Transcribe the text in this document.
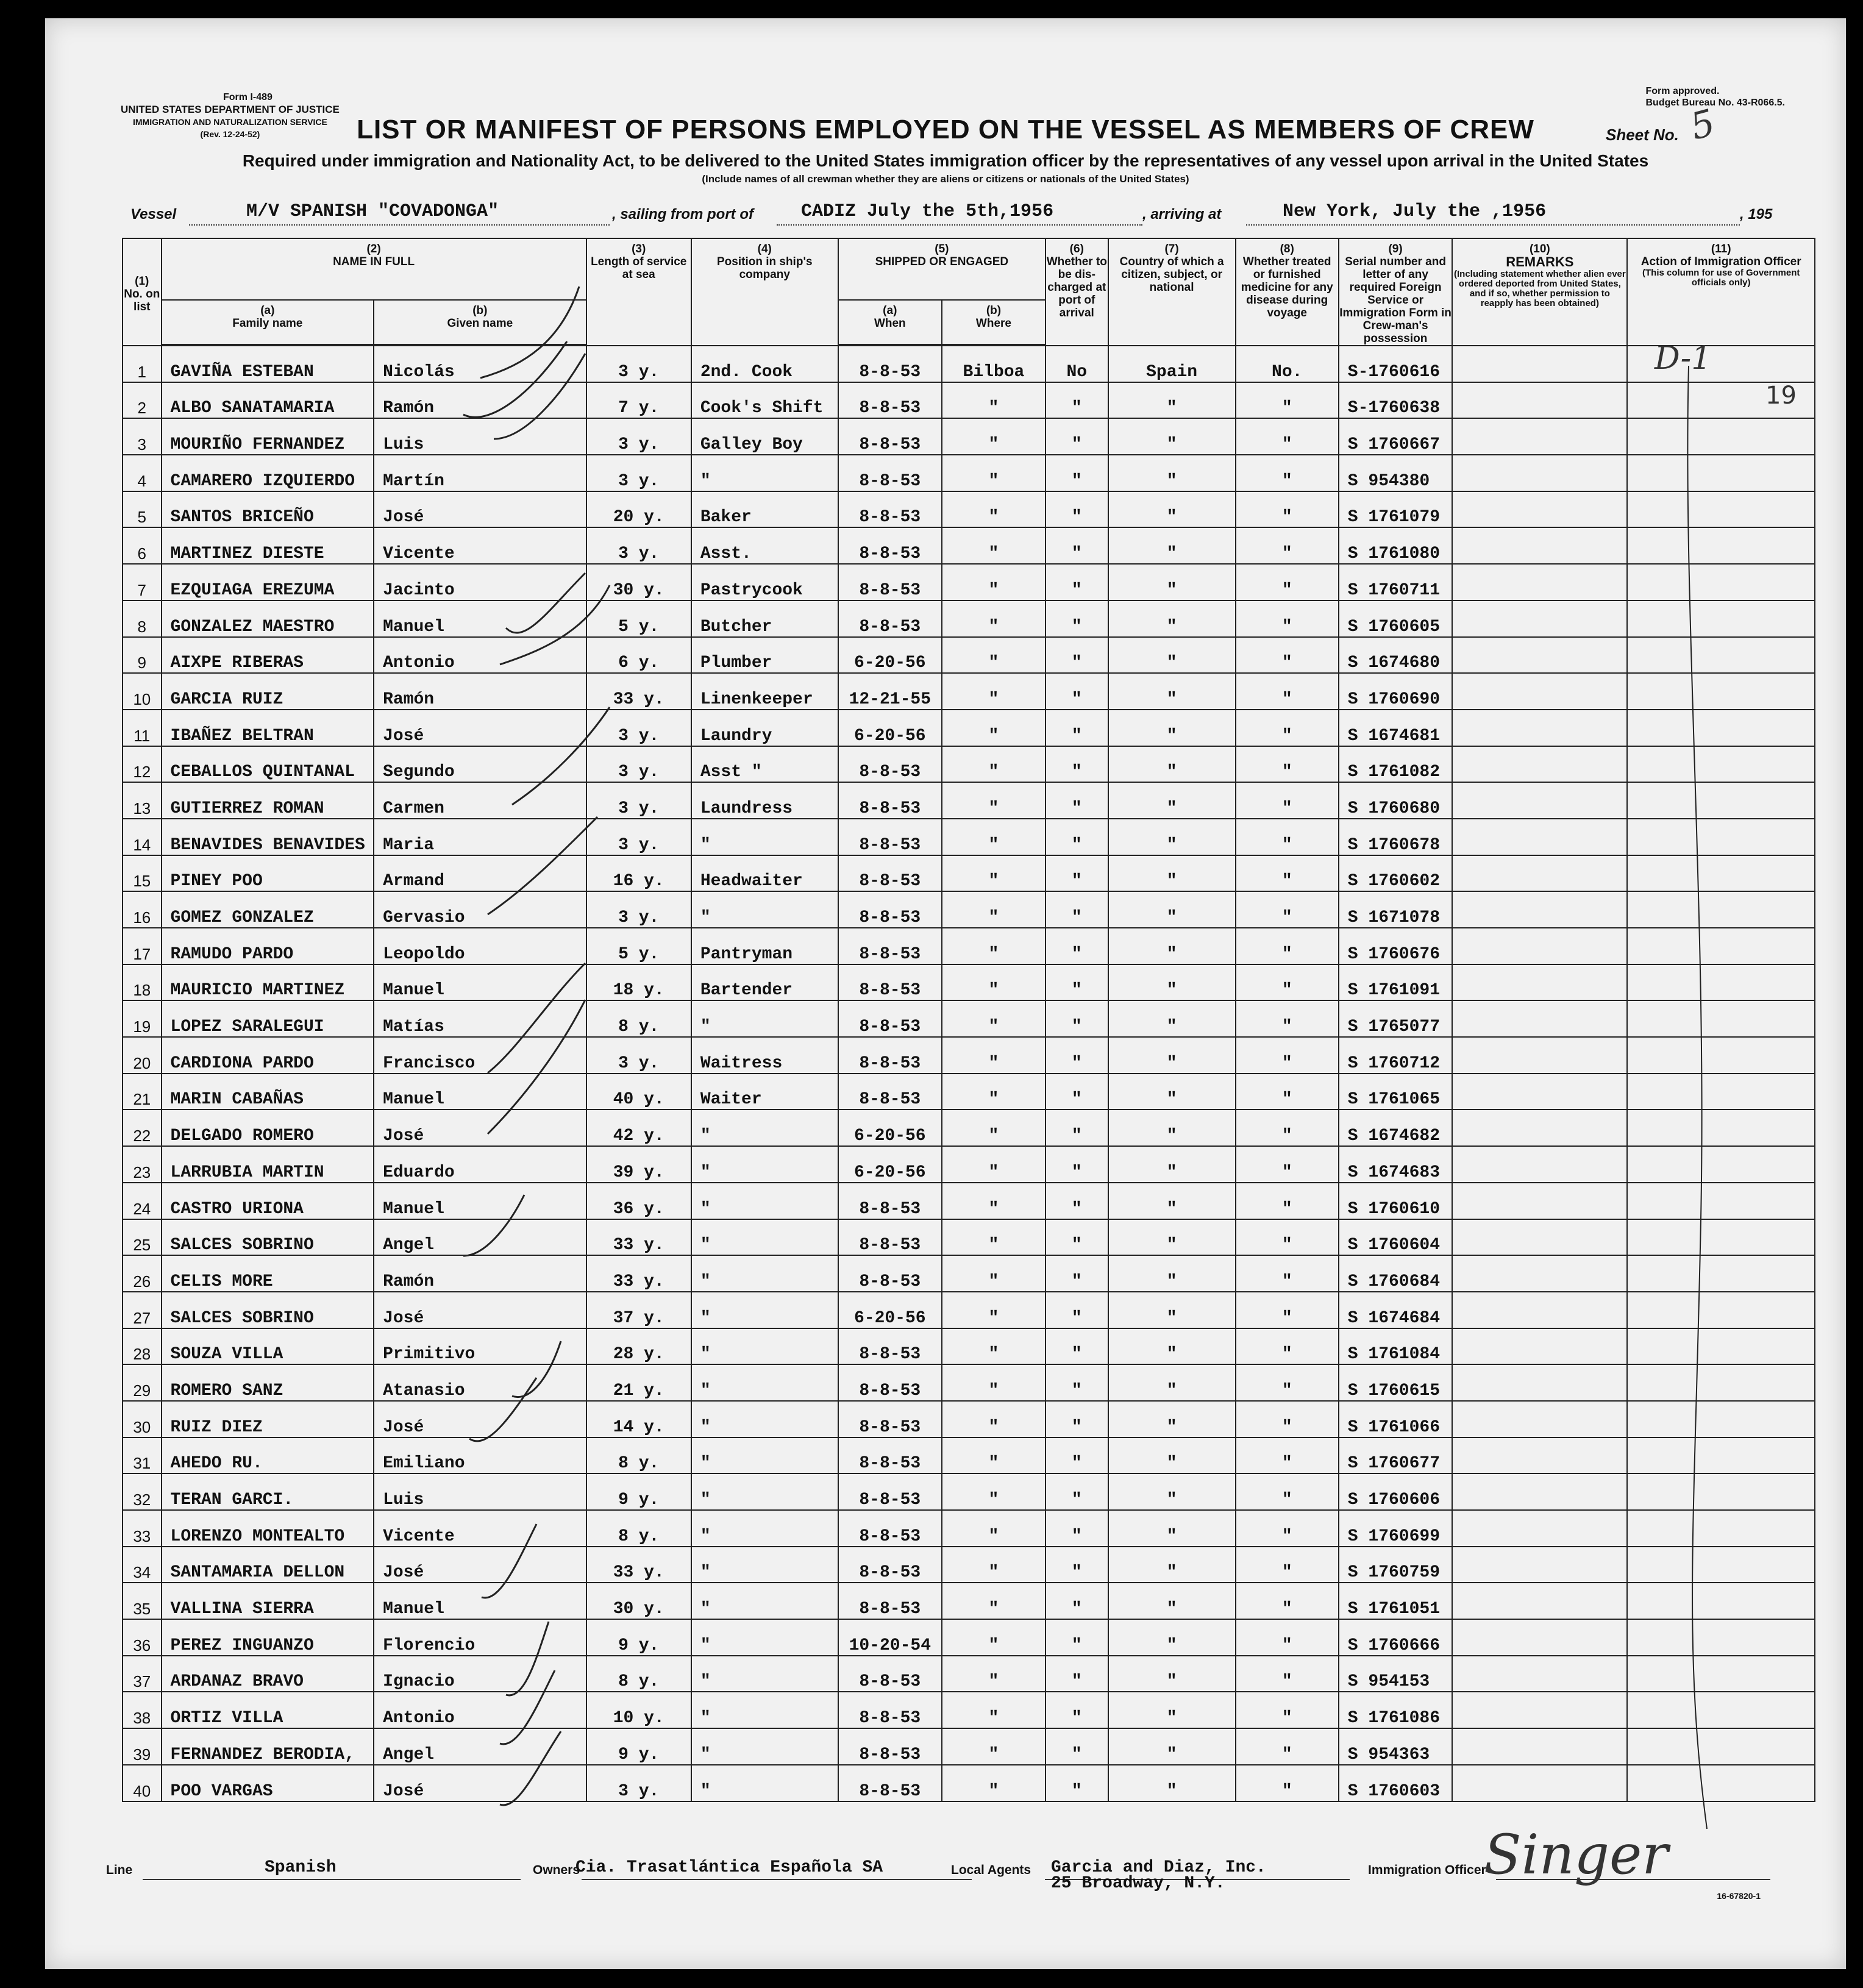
Form I-489
UNITED STATES DEPARTMENT OF JUSTICE
IMMIGRATION AND NATURALIZATION SERVICE
(Rev. 12-24-52)
Form approved.
Budget Bureau No. 43-R066.5.
LIST OR MANIFEST OF PERSONS EMPLOYED ON THE VESSEL AS MEMBERS OF CREW	Sheet No. 5
Required under immigration and Nationality Act, to be delivered to the United States immigration officer by the representatives of any vessel upon arrival in the United States
(Include names of all crewman whether they are aliens or citizens or nationals of the United States)
Vessel	M/V SPANISH "COVADONGA"	, sailing from port of	CADIZ July the 5th,1956	, arriving at	New York, July the ,1956	, 195
(1)
No. on list	(2)
NAME IN FULL		(3)
Length of service at sea	(4)
Position in ship's company	(5)
SHIPPED OR ENGAGED		(6)
Whether to be dis-charged at port of arrival	(7)
Country of which a citizen, subject, or national	(8)
Whether treated or furnished medicine for any disease during voyage	(9)
Serial number and letter of any required Foreign Service or Immigration Form in Crew-man's possession	(10)
REMARKS
(Including statement whether alien ever ordered deported from United States, and if so, whether permission to reapply has been obtained)	(11)
Action of Immigration Officer
(This column for use of Government officials only)

	(a)
Family name	(b)
Given name			(a)
When	(b)
Where						

1	GAVIÑA ESTEBAN	Nicolás	3 y.	2nd. Cook	8-8-53	Bilboa	No	Spain	No.	S-1760616		
2	ALBO SANATAMARIA	Ramón	7 y.	Cook's Shift	8-8-53	"	"	"	"	S-1760638		
3	MOURIÑO FERNANDEZ	Luis	3 y.	Galley Boy	8-8-53	"	"	"	"	S 1760667		
4	CAMARERO IZQUIERDO	Martín	3 y.	"	8-8-53	"	"	"	"	S 954380		
5	SANTOS BRICEÑO	José	20 y.	Baker	8-8-53	"	"	"	"	S 1761079		
6	MARTINEZ DIESTE	Vicente	3 y.	Asst.	8-8-53	"	"	"	"	S 1761080		
7	EZQUIAGA EREZUMA	Jacinto	30 y.	Pastrycook	8-8-53	"	"	"	"	S 1760711		
8	GONZALEZ MAESTRO	Manuel	5 y.	Butcher	8-8-53	"	"	"	"	S 1760605		
9	AIXPE RIBERAS	Antonio	6 y.	Plumber	6-20-56	"	"	"	"	S 1674680		
10	GARCIA RUIZ	Ramón	33 y.	Linenkeeper	12-21-55	"	"	"	"	S 1760690		
11	IBAÑEZ BELTRAN	José	3 y.	Laundry	6-20-56	"	"	"	"	S 1674681		
12	CEBALLOS QUINTANAL	Segundo	3 y.	Asst "	8-8-53	"	"	"	"	S 1761082		
13	GUTIERREZ ROMAN	Carmen	3 y.	Laundress	8-8-53	"	"	"	"	S 1760680		
14	BENAVIDES BENAVIDES	Maria	3 y.	"	8-8-53	"	"	"	"	S 1760678		
15	PINEY POO	Armand	16 y.	Headwaiter	8-8-53	"	"	"	"	S 1760602		
16	GOMEZ GONZALEZ	Gervasio	3 y.	"	8-8-53	"	"	"	"	S 1671078		
17	RAMUDO PARDO	Leopoldo	5 y.	Pantryman	8-8-53	"	"	"	"	S 1760676		
18	MAURICIO MARTINEZ	Manuel	18 y.	Bartender	8-8-53	"	"	"	"	S 1761091		
19	LOPEZ SARALEGUI	Matías	8 y.	"	8-8-53	"	"	"	"	S 1765077		
20	CARDIONA PARDO	Francisco	3 y.	Waitress	8-8-53	"	"	"	"	S 1760712		
21	MARIN CABAÑAS	Manuel	40 y.	Waiter	8-8-53	"	"	"	"	S 1761065		
22	DELGADO ROMERO	José	42 y.	"	6-20-56	"	"	"	"	S 1674682		
23	LARRUBIA MARTIN	Eduardo	39 y.	"	6-20-56	"	"	"	"	S 1674683		
24	CASTRO URIONA	Manuel	36 y.	"	8-8-53	"	"	"	"	S 1760610		
25	SALCES SOBRINO	Angel	33 y.	"	8-8-53	"	"	"	"	S 1760604		
26	CELIS MORE	Ramón	33 y.	"	8-8-53	"	"	"	"	S 1760684		
27	SALCES SOBRINO	José	37 y.	"	6-20-56	"	"	"	"	S 1674684		
28	SOUZA VILLA	Primitivo	28 y.	"	8-8-53	"	"	"	"	S 1761084		
29	ROMERO SANZ	Atanasio	21 y.	"	8-8-53	"	"	"	"	S 1760615		
30	RUIZ DIEZ	José	14 y.	"	8-8-53	"	"	"	"	S 1761066		
31	AHEDO RU.	Emiliano	8 y.	"	8-8-53	"	"	"	"	S 1760677		
32	TERAN GARCI.	Luis	9 y.	"	8-8-53	"	"	"	"	S 1760606		
33	LORENZO MONTEALTO	Vicente	8 y.	"	8-8-53	"	"	"	"	S 1760699		
34	SANTAMARIA DELLON	José	33 y.	"	8-8-53	"	"	"	"	S 1760759		
35	VALLINA SIERRA	Manuel	30 y.	"	8-8-53	"	"	"	"	S 1761051		
36	PEREZ INGUANZO	Florencio	9 y.	"	10-20-54	"	"	"	"	S 1760666		
37	ARDANAZ BRAVO	Ignacio	8 y.	"	8-8-53	"	"	"	"	S 954153		
38	ORTIZ VILLA	Antonio	10 y.	"	8-8-53	"	"	"	"	S 1761086		
39	FERNANDEZ BERODIA,	Angel	9 y.	"	8-8-53	"	"	"	"	S 954363		
40	POO VARGAS	José	3 y.	"	8-8-53	"	"	"	"	S 1760603		
D-1
19
Singer
Line	Spanish	Owners
Cia. Trasatlántica Española SA	Local Agents Garcia and Diaz, Inc.
25 Broadway, N.Y.
Immigration Officer
16-67820-1
